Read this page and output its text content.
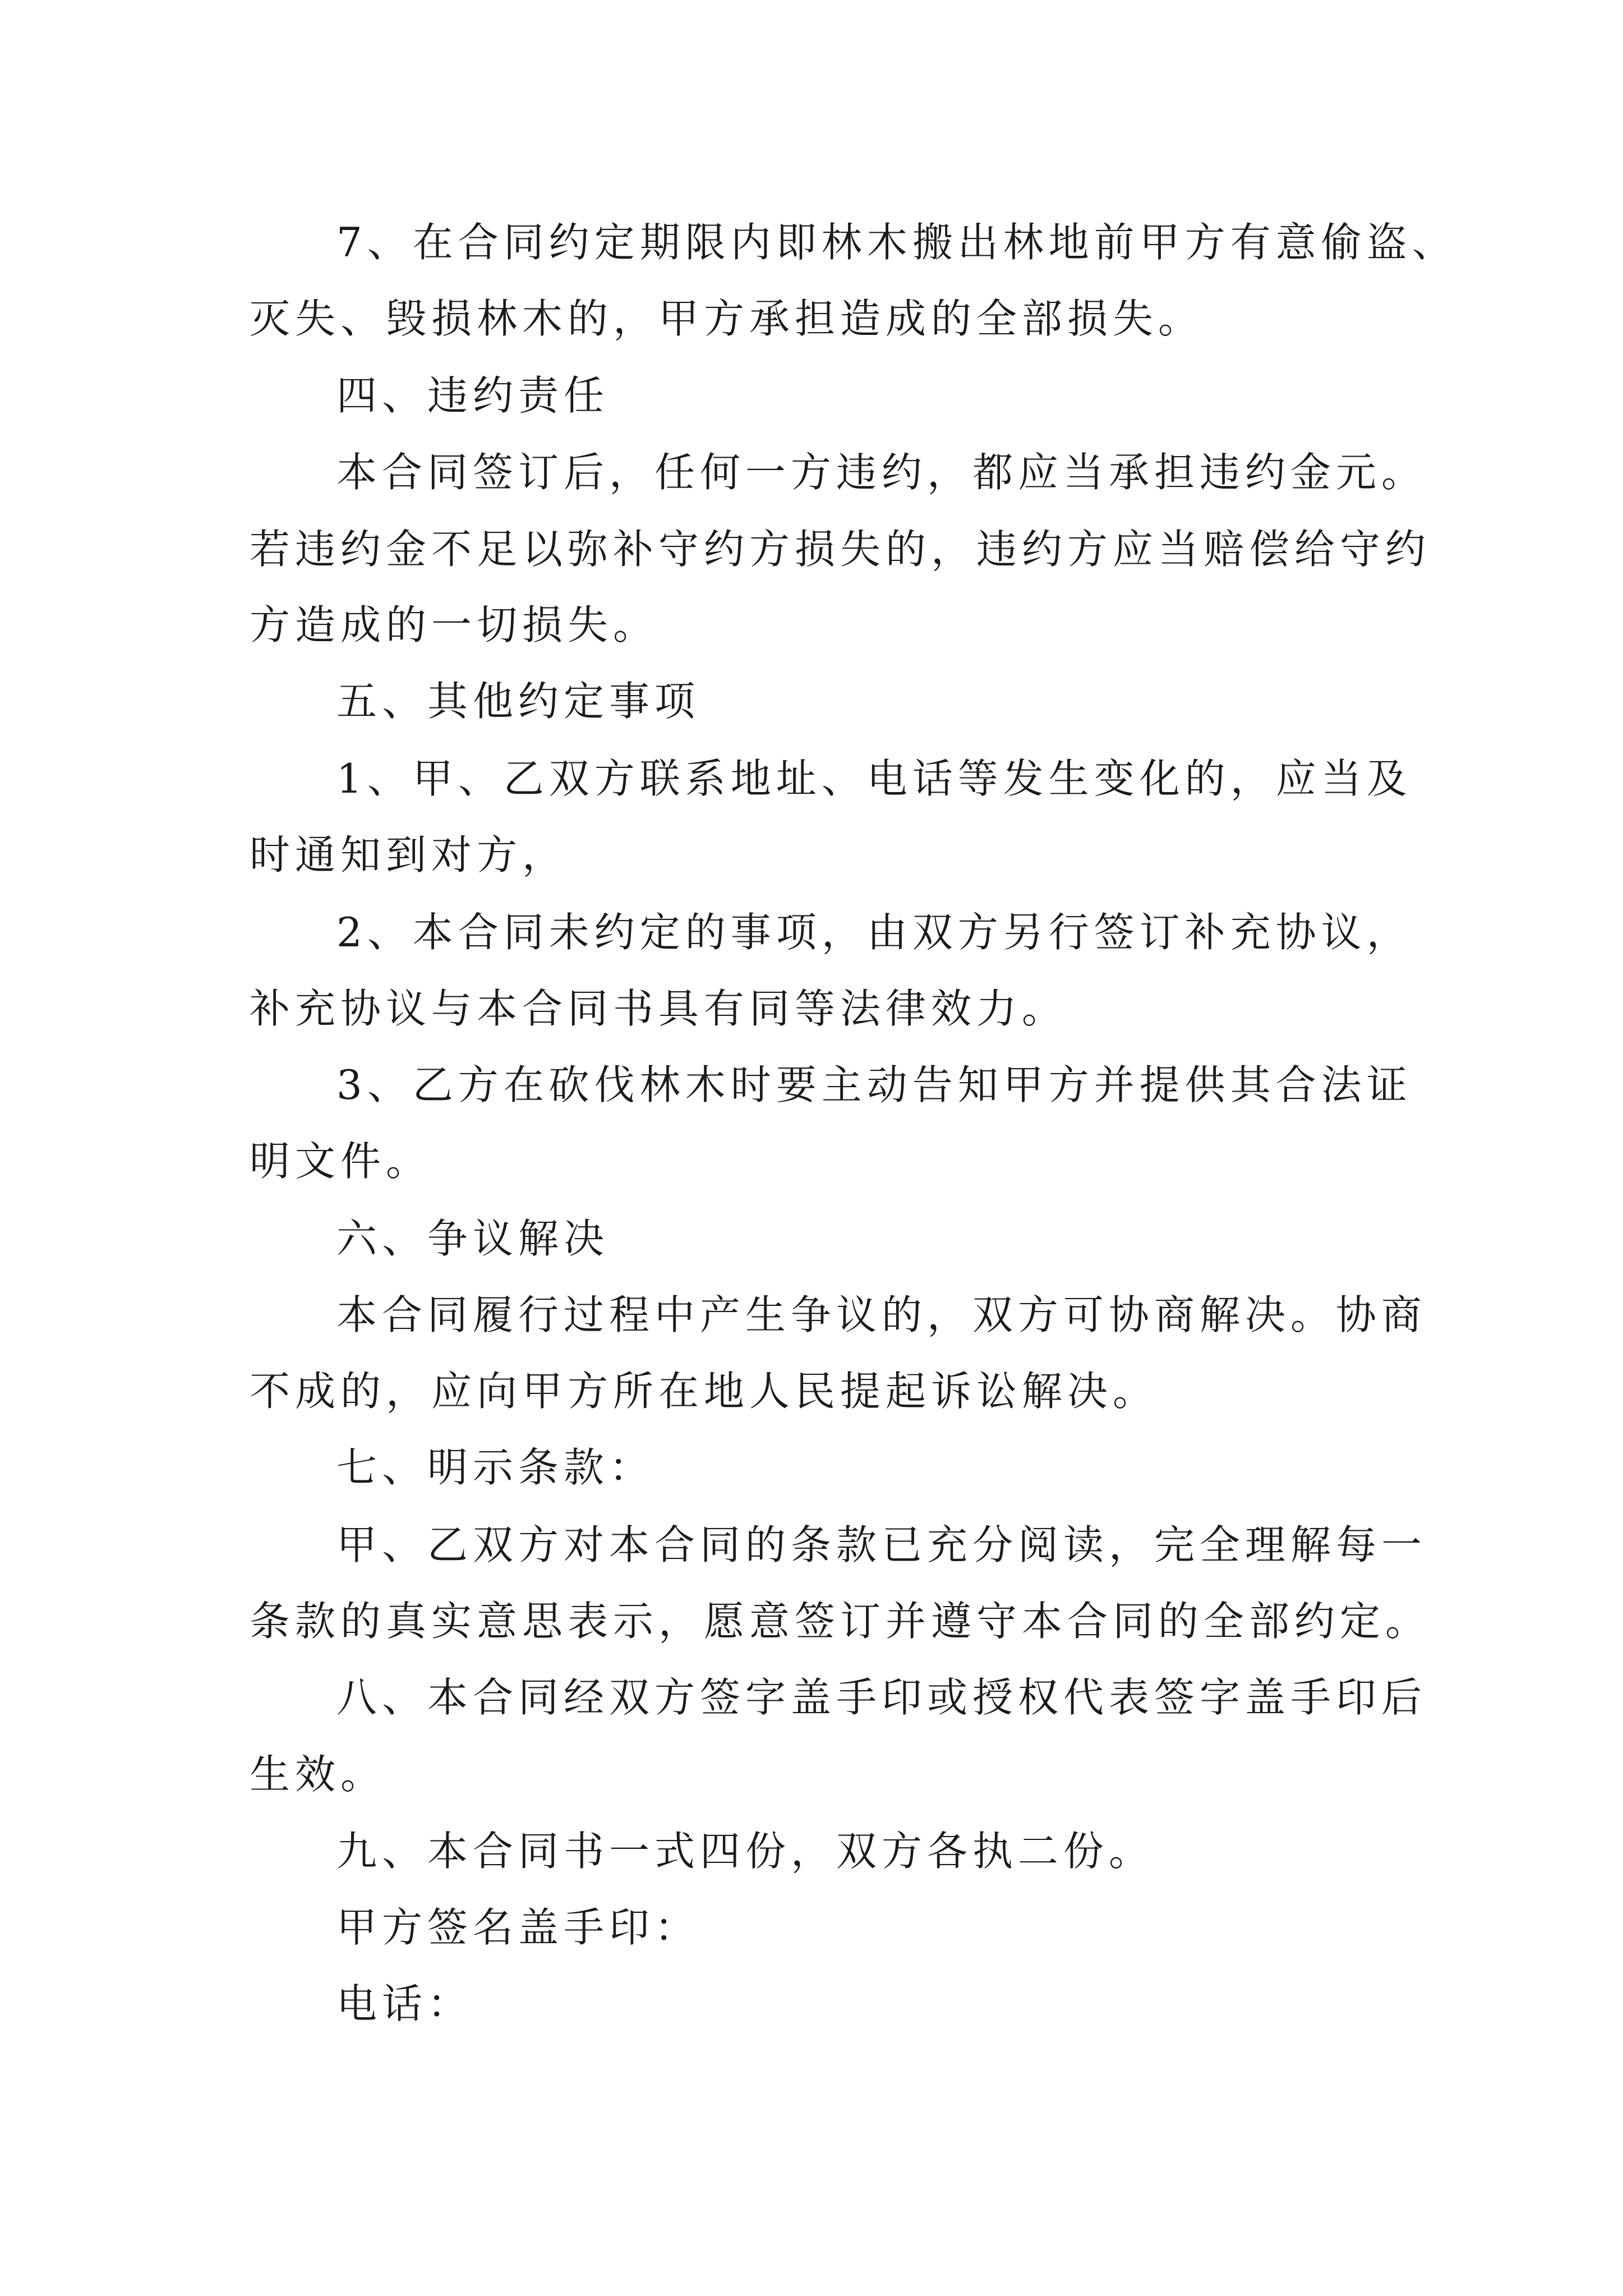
7、在合同约定期限内即林木搬出林地前甲方有意偷盗、
灭失、毁损林木的，甲方承担造成的全部损失。
四、违约责任
本合同签订后，任何一方违约，都应当承担违约金元。
若违约金不足以弥补守约方损失的，违约方应当赔偿给守约
方造成的一切损失。
五、其他约定事项
1、甲、乙双方联系地址、电话等发生变化的，应当及
时通知到对方，
2、本合同未约定的事项，由双方另行签订补充协议，
补充协议与本合同书具有同等法律效力。
3、乙方在砍伐林木时要主动告知甲方并提供其合法证
明文件。
六、争议解决
本合同履行过程中产生争议的，双方可协商解决。协商
不成的，应向甲方所在地人民提起诉讼解决。
七、明示条款：
甲、乙双方对本合同的条款已充分阅读，完全理解每一
条款的真实意思表示，愿意签订并遵守本合同的全部约定。
八、本合同经双方签字盖手印或授权代表签字盖手印后
生效。
九、本合同书一式四份，双方各执二份。
甲方签名盖手印：
电话：
